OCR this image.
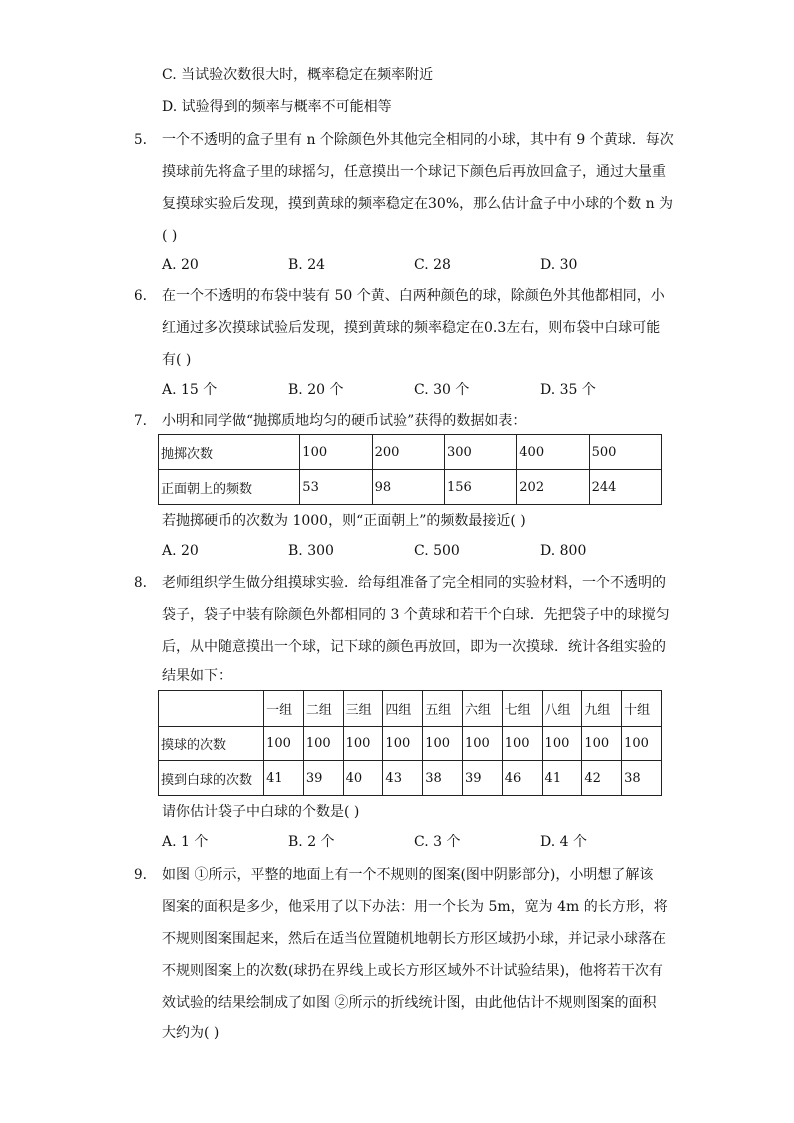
C. 当试验次数很大时，概率稳定在频率附近
D. 试验得到的频率与概率不可能相等
5. 一个不透明的盒子里有 n 个除颜色外其他完全相同的小球，其中有 9 个黄球．每次
摸球前先将盒子里的球摇匀，任意摸出一个球记下颜色后再放回盒子，通过大量重
复摸球实验后发现，摸到黄球的频率稳定在30%，那么估计盒子中小球的个数 n 为
( )
A. 20	B. 24	C. 28	D. 30
6. 在一个不透明的布袋中装有 50 个黄、白两种颜色的球，除颜色外其他都相同，小
红通过多次摸球试验后发现，摸到黄球的频率稳定在0.3左右，则布袋中白球可能
有( )
A. 15 个	B. 20 个	C. 30 个	D. 35 个
7. 小明和同学做“抛掷质地均匀的硬币试验”获得的数据如表：
抛掷次数	100	200	300	400	500
正面朝上的频数	53	98	156	202	244
若抛掷硬币的次数为 1000，则“正面朝上”的频数最接近( )
A. 20	B. 300	C. 500	D. 800
8. 老师组织学生做分组摸球实验．给每组准备了完全相同的实验材料，一个不透明的
袋子，袋子中装有除颜色外都相同的 3 个黄球和若干个白球．先把袋子中的球搅匀
后，从中随意摸出一个球，记下球的颜色再放回，即为一次摸球．统计各组实验的
结果如下：
	一组	二组	三组	四组	五组	六组	七组	八组	九组	十组
摸球的次数	100	100	100	100	100	100	100	100	100	100
摸到白球的次数	41	39	40	43	38	39	46	41	42	38
请你估计袋子中白球的个数是( )
A. 1 个	B. 2 个	C. 3 个	D. 4 个
9. 如图 ①所示，平整的地面上有一个不规则的图案(图中阴影部分)，小明想了解该
图案的面积是多少，他采用了以下办法：用一个长为 5m，宽为 4m 的长方形，将
不规则图案围起来，然后在适当位置随机地朝长方形区域扔小球，并记录小球落在
不规则图案上的次数(球扔在界线上或长方形区域外不计试验结果)，他将若干次有
效试验的结果绘制成了如图 ②所示的折线统计图，由此他估计不规则图案的面积
大约为( )
